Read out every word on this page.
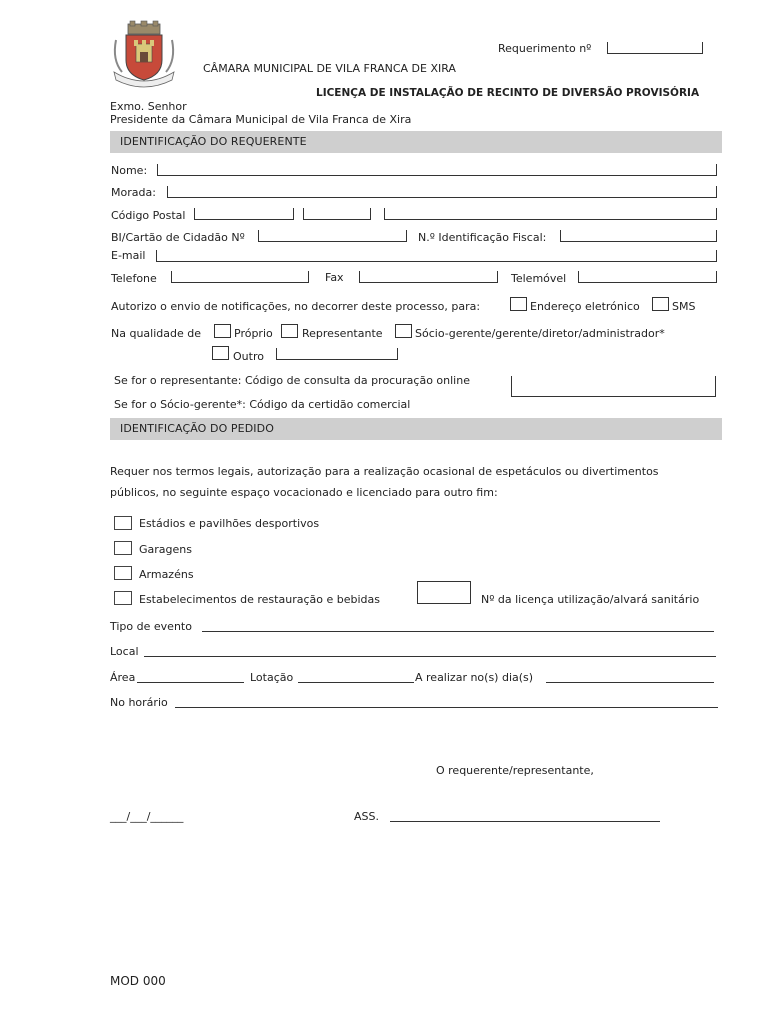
Requerimento nº
CÂMARA MUNICIPAL DE VILA FRANCA DE XIRA
LICENÇA DE INSTALAÇÃO DE RECINTO DE DIVERSÃO PROVISÓRIA
Exmo. Senhor
Presidente da Câmara Municipal de Vila Franca de Xira
IDENTIFICAÇÃO DO REQUERENTE
Nome:
Morada:
Código Postal
BI/Cartão de Cidadão Nº	N.º Identificação Fiscal:
E-mail
Telefone	Fax	Telemóvel
Autorizo o envio de notificações, no decorrer deste processo, para:	Endereço eletrónico	SMS
Na qualidade de	Próprio	Representante	Sócio-gerente/gerente/diretor/administrador*
Outro
Se for o representante: Código de consulta da procuração online
Se for o Sócio-gerente*: Código da certidão comercial
IDENTIFICAÇÃO DO PEDIDO
Requer nos termos legais, autorização para a realização ocasional de espetáculos ou divertimentos
públicos, no seguinte espaço vocacionado e licenciado para outro fim:
Estádios e pavilhões desportivos
Garagens
Armazéns
Estabelecimentos de restauração e bebidas	Nº da licença utilização/alvará sanitário
Tipo de evento
Local
Área	Lotação	A realizar no(s) dia(s)
No horário
O requerente/representante,
___/___/______	ASS.
MOD 000
